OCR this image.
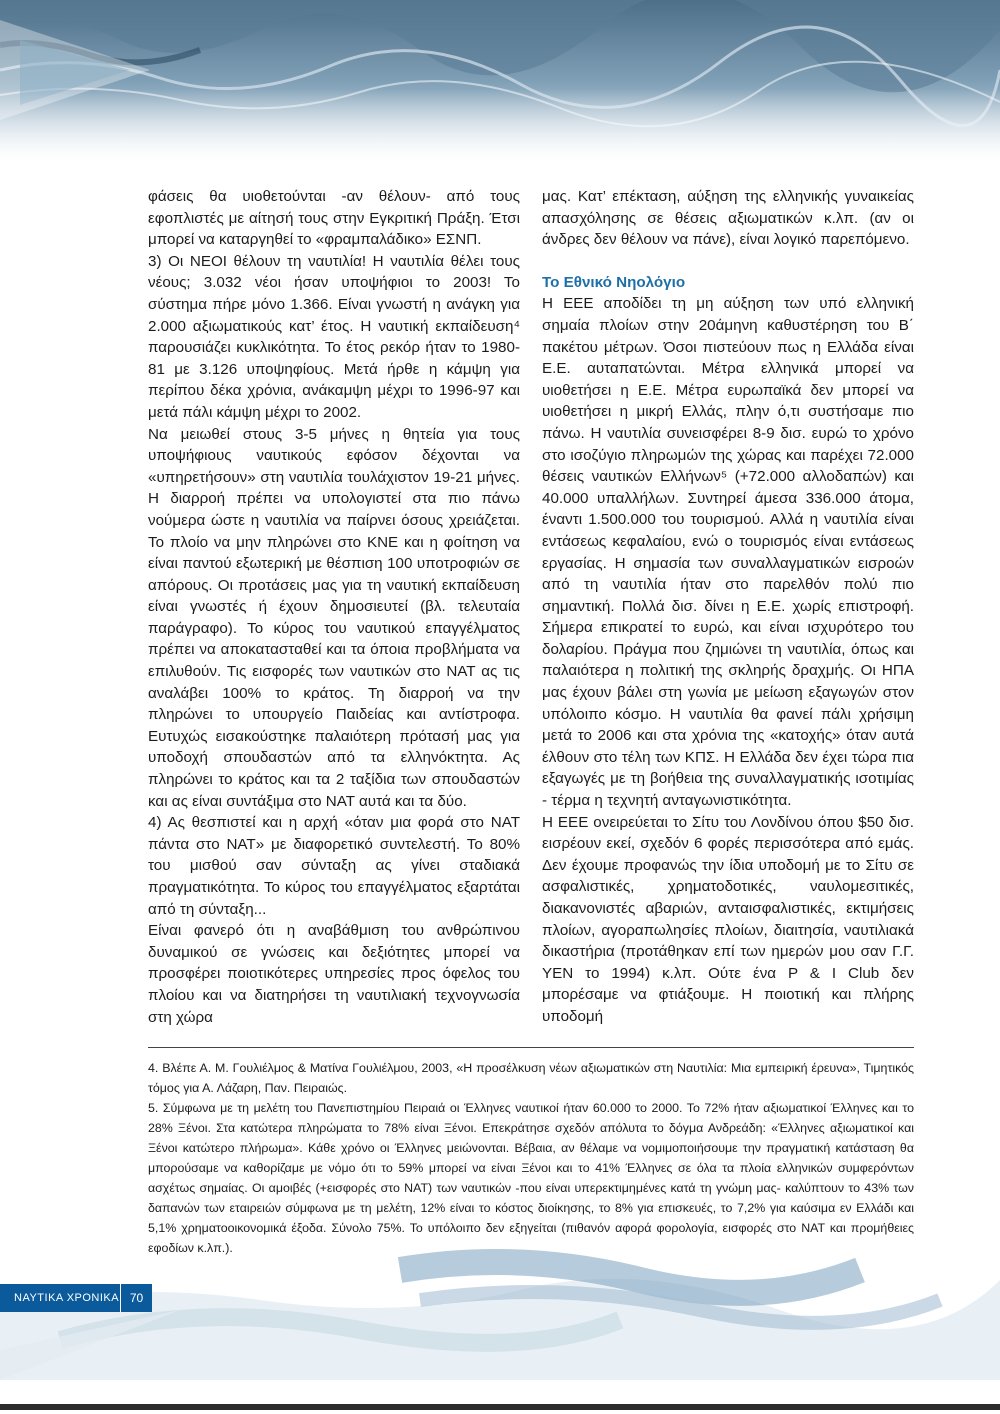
φάσεις θα υιοθετούνται -αν θέλουν- από τους εφοπλιστές με αίτησή τους στην Εγκριτική Πράξη. Έτσι μπορεί να καταργηθεί το «φραμπαλάδικο» ΕΣΝΠ.

3) Οι ΝΕΟΙ θέλουν τη ναυτιλία! Η ναυτιλία θέλει τους νέους; 3.032 νέοι ήσαν υποψήφιοι το 2003! Το σύστημα πήρε μόνο 1.366. Είναι γνωστή η ανάγκη για 2.000 αξιωματικούς κατ’ έτος. Η ναυτική εκπαίδευση⁴ παρουσιάζει κυκλικότητα. Το έτος ρεκόρ ήταν το 1980-81 με 3.126 υποψηφίους. Μετά ήρθε η κάμψη για περίπου δέκα χρόνια, ανάκαμψη μέχρι το 1996-97 και μετά πάλι κάμψη μέχρι το 2002.

Να μειωθεί στους 3-5 μήνες η θητεία για τους υποψήφιους ναυτικούς εφόσον δέχονται να «υπηρετήσουν» στη ναυτιλία τουλάχιστον 19-21 μήνες. Η διαρροή πρέπει να υπολογιστεί στα πιο πάνω νούμερα ώστε η ναυτιλία να παίρνει όσους χρειάζεται. Το πλοίο να μην πληρώνει στο ΚΝΕ και η φοίτηση να είναι παντού εξωτερική με θέσπιση 100 υποτροφιών σε απόρους. Οι προτάσεις μας για τη ναυτική εκπαίδευση είναι γνωστές ή έχουν δημοσιευτεί (βλ. τελευταία παράγραφο). Το κύρος του ναυτικού επαγγέλματος πρέπει να αποκατασταθεί και τα όποια προβλήματα να επιλυθούν. Τις εισφορές των ναυτικών στο ΝΑΤ ας τις αναλάβει 100% το κράτος. Τη διαρροή να την πληρώνει το υπουργείο Παιδείας και αντίστροφα. Ευτυχώς εισακούστηκε παλαιότερη πρότασή μας για υποδοχή σπουδαστών από τα ελληνόκτητα. Ας πληρώνει το κράτος και τα 2 ταξίδια των σπουδαστών και ας είναι συντάξιμα στο ΝΑΤ αυτά και τα δύο.

4) Ας θεσπιστεί και η αρχή «όταν μια φορά στο ΝΑΤ πάντα στο ΝΑΤ» με διαφορετικό συντελεστή. Το 80% του μισθού σαν σύνταξη ας γίνει σταδιακά πραγματικότητα. Το κύρος του επαγγέλματος εξαρτάται από τη σύνταξη...

Είναι φανερό ότι η αναβάθμιση του ανθρώπινου δυναμικού σε γνώσεις και δεξιότητες μπορεί να προσφέρει ποιοτικότερες υπηρεσίες προς όφελος του πλοίου και να διατηρήσει τη ναυτιλιακή τεχνογνωσία στη χώρα

μας. Κατ’ επέκταση, αύξηση της ελληνικής γυναικείας απασχόλησης σε θέσεις αξιωματικών κ.λπ. (αν οι άνδρες δεν θέλουν να πάνε), είναι λογικό παρεπόμενο.

Το Εθνικό Νηολόγιο

Η ΕΕΕ αποδίδει τη μη αύξηση των υπό ελληνική σημαία πλοίων στην 20άμηνη καθυστέρηση του Β΄ πακέτου μέτρων. Όσοι πιστεύουν πως η Ελλάδα είναι Ε.Ε. αυταπατώνται. Μέτρα ελληνικά μπορεί να υιοθετήσει η Ε.Ε. Μέτρα ευρωπαϊκά δεν μπορεί να υιοθετήσει η μικρή Ελλάς, πλην ό,τι συστήσαμε πιο πάνω. Η ναυτιλία συνεισφέρει 8-9 δισ. ευρώ το χρόνο στο ισοζύγιο πληρωμών της χώρας και παρέχει 72.000 θέσεις ναυτικών Ελλήνων⁵ (+72.000 αλλοδαπών) και 40.000 υπαλλήλων. Συντηρεί άμεσα 336.000 άτομα, έναντι 1.500.000 του τουρισμού. Αλλά η ναυτιλία είναι εντάσεως κεφαλαίου, ενώ ο τουρισμός είναι εντάσεως εργασίας. Η σημασία των συναλλαγματικών εισροών από τη ναυτιλία ήταν στο παρελθόν πολύ πιο σημαντική. Πολλά δισ. δίνει η Ε.Ε. χωρίς επιστροφή. Σήμερα επικρατεί το ευρώ, και είναι ισχυρότερο του δολαρίου. Πράγμα που ζημιώνει τη ναυτιλία, όπως και παλαιότερα η πολιτική της σκληρής δραχμής. Οι ΗΠΑ μας έχουν βάλει στη γωνία με μείωση εξαγωγών στον υπόλοιπο κόσμο. Η ναυτιλία θα φανεί πάλι χρήσιμη μετά το 2006 και στα χρόνια της «κατοχής» όταν αυτά έλθουν στο τέλη των ΚΠΣ. Η Ελλάδα δεν έχει τώρα πια εξαγωγές με τη βοήθεια της συναλλαγματικής ισοτιμίας - τέρμα η τεχνητή ανταγωνιστικότητα.

Η ΕΕΕ ονειρεύεται το Σίτυ του Λονδίνου όπου $50 δισ. εισρέουν εκεί, σχεδόν 6 φορές περισσότερα από εμάς. Δεν έχουμε προφανώς την ίδια υποδομή με το Σίτυ σε ασφαλιστικές, χρηματοδοτικές, ναυλομεσιτικές, διακανονιστές αβαριών, ανταισφαλιστικές, εκτιμήσεις πλοίων, αγοραπωλησίες πλοίων, διαιτησία, ναυτιλιακά δικαστήρια (προτάθηκαν επί των ημερών μου σαν Γ.Γ. ΥΕΝ το 1994) κ.λπ. Ούτε ένα P & I Club δεν μπορέσαμε να φτιάξουμε. Η ποιοτική και πλήρης υποδομή

4. Βλέπε Α. Μ. Γουλιέλμος & Ματίνα Γουλιέλμου, 2003, «Η προσέλκυση νέων αξιωματικών στη Ναυτιλία: Μια εμπειρική έρευνα», Τιμητικός τόμος για Α. Λάζαρη, Παν. Πειραιώς.

5. Σύμφωνα με τη μελέτη του Πανεπιστημίου Πειραιά οι Έλληνες ναυτικοί ήταν 60.000 το 2000. Το 72% ήταν αξιωματικοί Έλληνες και το 28% Ξένοι. Στα κατώτερα πληρώματα το 78% είναι Ξένοι. Επεκράτησε σχεδόν απόλυτα το δόγμα Ανδρεάδη: «Έλληνες αξιωματικοί και Ξένοι κατώτερο πλήρωμα». Κάθε χρόνο οι Έλληνες μειώνονται. Βέβαια, αν θέλαμε να νομιμοποιήσουμε την πραγματική κατάσταση θα μπορούσαμε να καθορίζαμε με νόμο ότι το 59% μπορεί να είναι Ξένοι και το 41% Έλληνες σε όλα τα πλοία ελληνικών συμφερόντων ασχέτως σημαίας. Οι αμοιβές (+εισφορές στο ΝΑΤ) των ναυτικών -που είναι υπερεκτιμημένες κατά τη γνώμη μας- καλύπτουν το 43% των δαπανών των εταιρειών σύμφωνα με τη μελέτη, 12% είναι το κόστος διοίκησης, το 8% για επισκευές, το 7,2% για καύσιμα εν Ελλάδι και 5,1% χρηματοοικονομικά έξοδα. Σύνολο 75%. Το υπόλοιπο δεν εξηγείται (πιθανόν αφορά φορολογία, εισφορές στο ΝΑΤ και προμήθειες εφοδίων κ.λπ.).

ΝΑΥΤΙΚΑ ΧΡΟΝΙΚΑ 70
